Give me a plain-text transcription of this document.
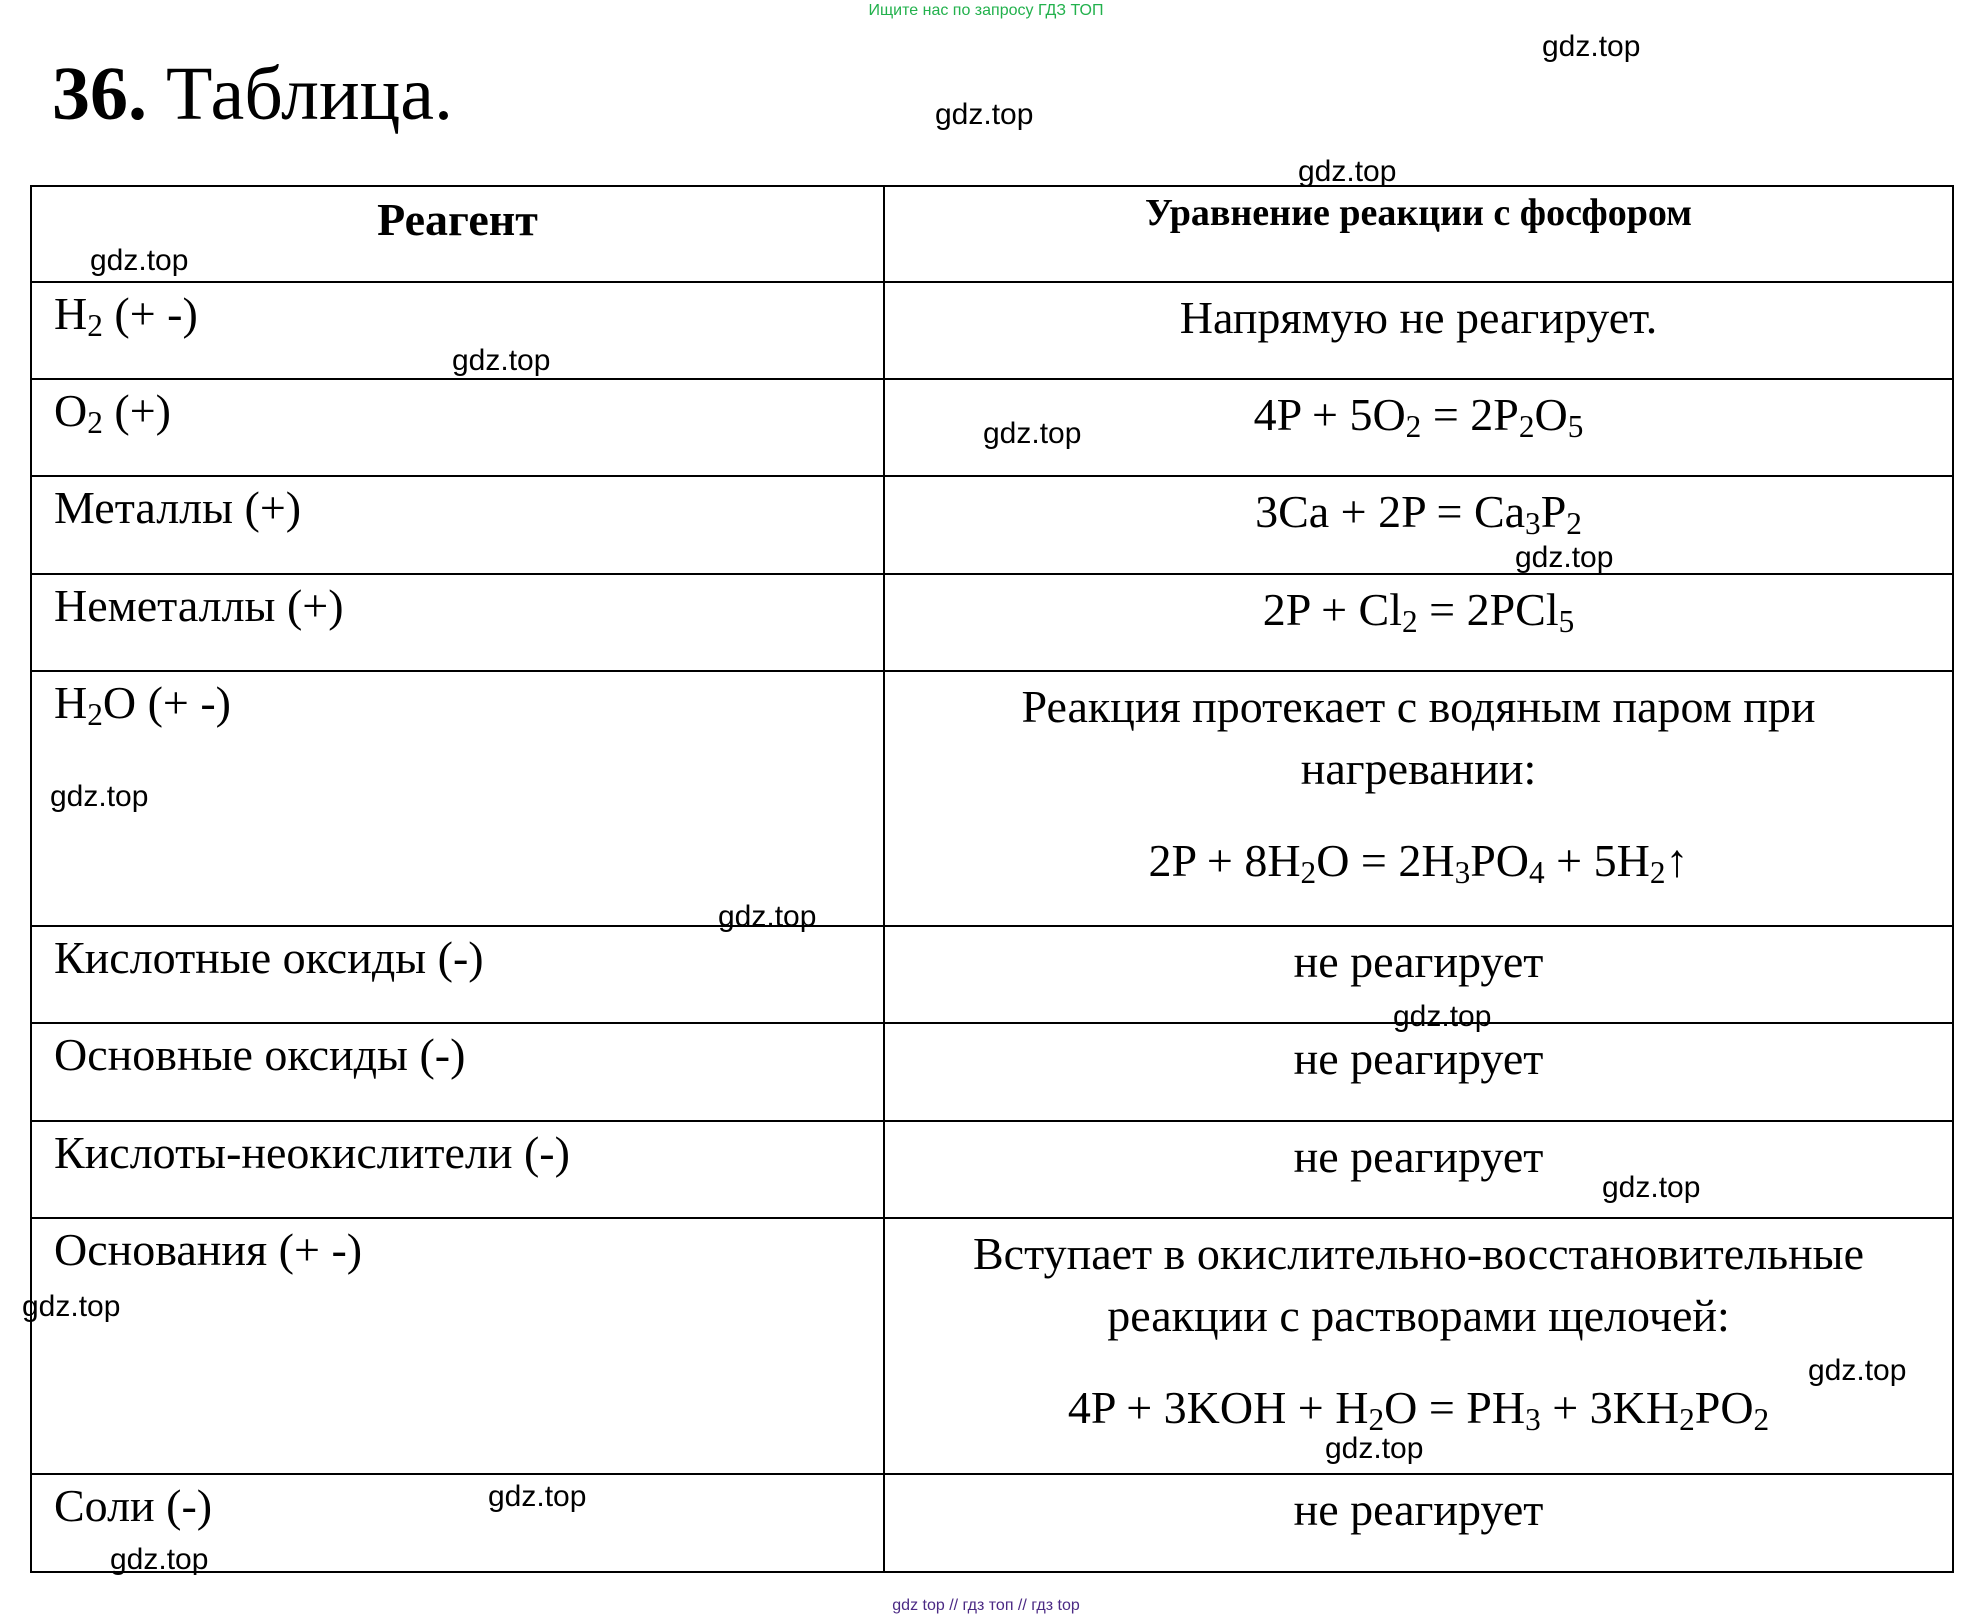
Ищите нас по запросу ГДЗ ТОП
36. Таблица.
Реагент	Уравнение реакции с фосфором
$H_2$ (+ -)	Напрямую не реагирует.

$O_2$ (+)	$4P + 5O_2 = 2P_2O_5$

Металлы (+)	$3Ca + 2P = Ca_3P_2$

Неметаллы (+)	$2P + Cl_2 = 2PCl_5$

$H_2O$ (+ -)	Реакция протекает с водяным паром при
нагревании:
$2P + 8H_2O = 2H_3PO_4$ + $5H_2↑$

Кислотные оксиды (-)	не реагирует

Основные оксиды (-)	не реагирует

Кислоты-неокислители (-)	не реагирует

Основания (+ -)	Вступает в окислительно-восстановительные
реакции с растворами щелочей:
$4P + 3KOH + H_2O = PH_3 + 3KH_2PO_2$

Соли (-)	не реагирует
gdz.top
gdz.top
gdz.top
gdz.top
gdz.top
gdz.top
gdz.top
gdz.top
gdz.top
gdz.top
gdz.top
gdz.top
gdz.top
gdz.top
gdz.top
gdz.top
gdz top // гдз топ // гдз top
